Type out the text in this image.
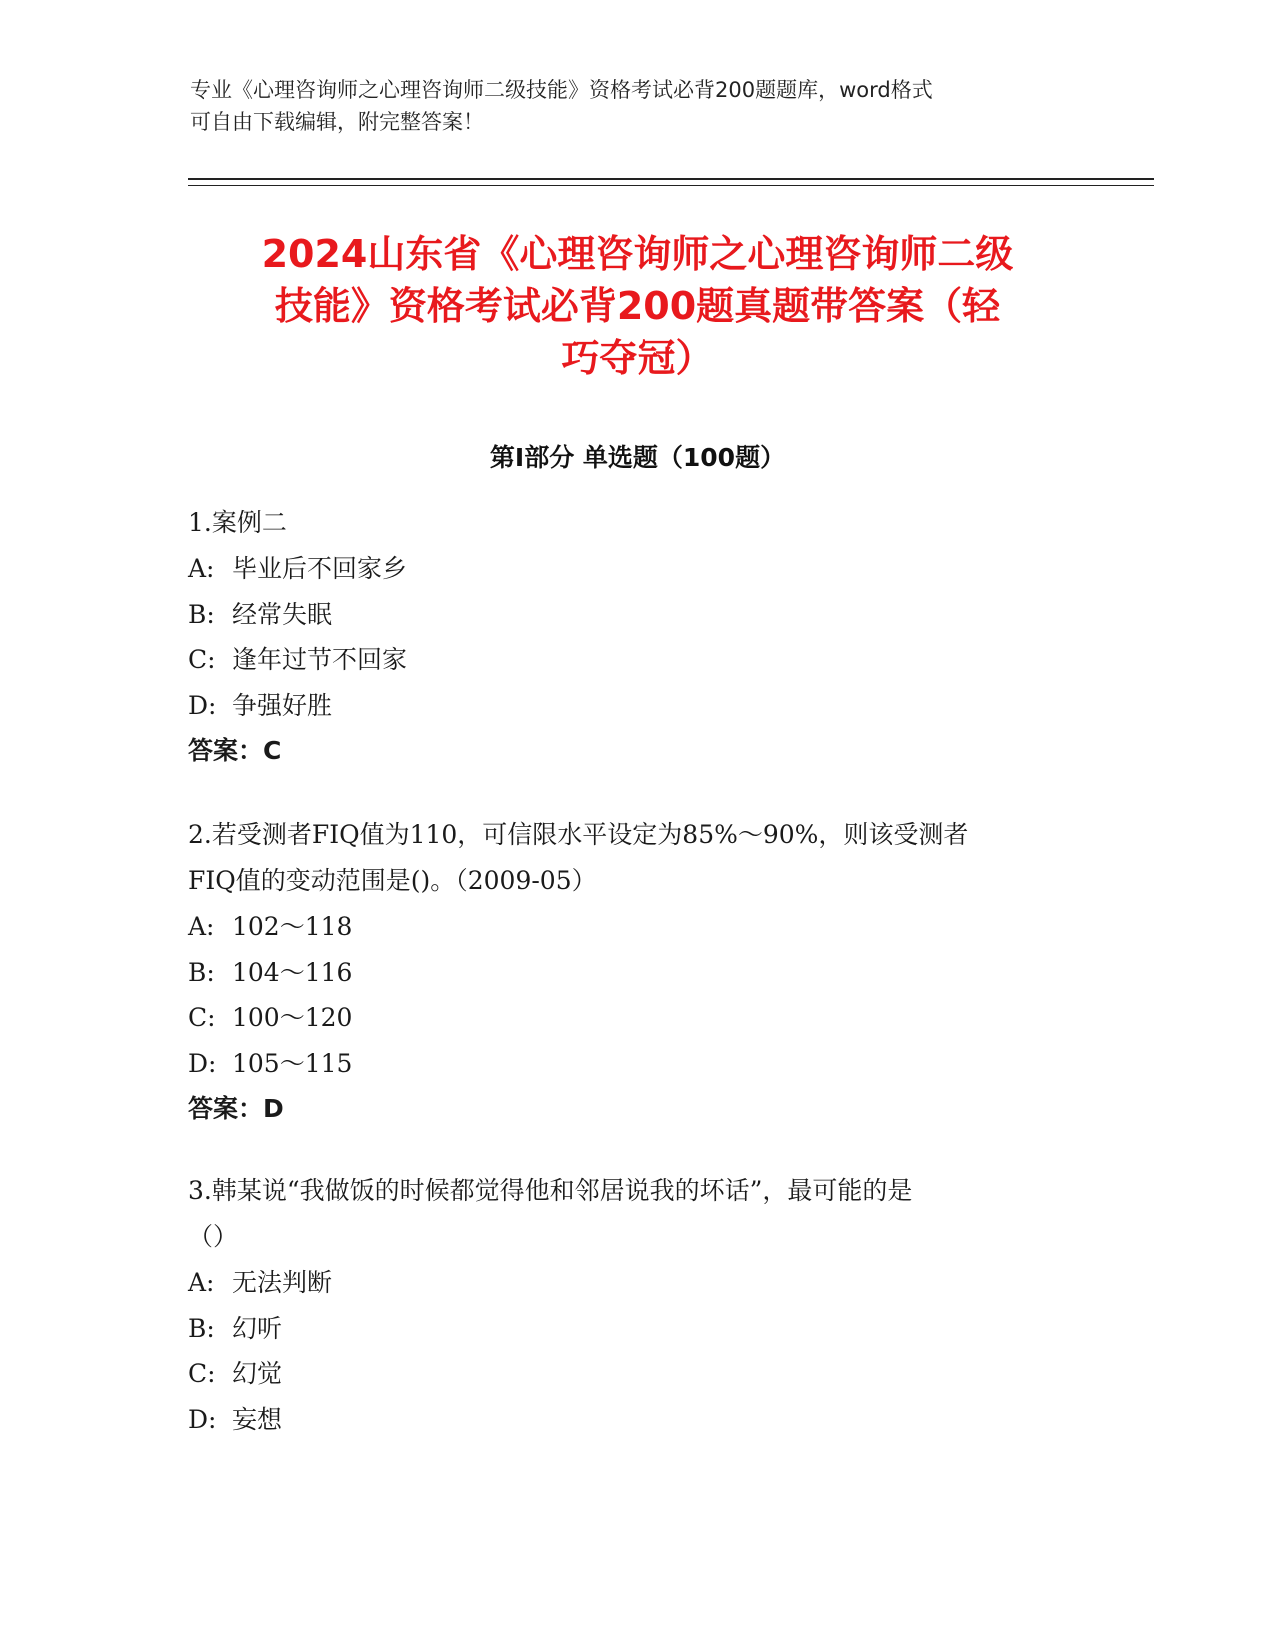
专业《心理咨询师之心理咨询师二级技能》资格考试必背200题题库，word格式
可自由下载编辑，附完整答案！
2024山东省《心理咨询师之心理咨询师二级
技能》资格考试必背200题真题带答案（轻
巧夺冠）
第I部分 单选题（100题）
1.案例二
A: 毕业后不回家乡
B: 经常失眠
C: 逢年过节不回家
D: 争强好胜
答案：C
2.若受测者FIQ值为110，可信限水平设定为85%～90%，则该受测者
FIQ值的变动范围是()。（2009-05）
A: 102～118
B: 104～116
C: 100～120
D: 105～115
答案：D
3.韩某说“我做饭的时候都觉得他和邻居说我的坏话”，最可能的是
（）
A: 无法判断
B: 幻听
C: 幻觉
D: 妄想
